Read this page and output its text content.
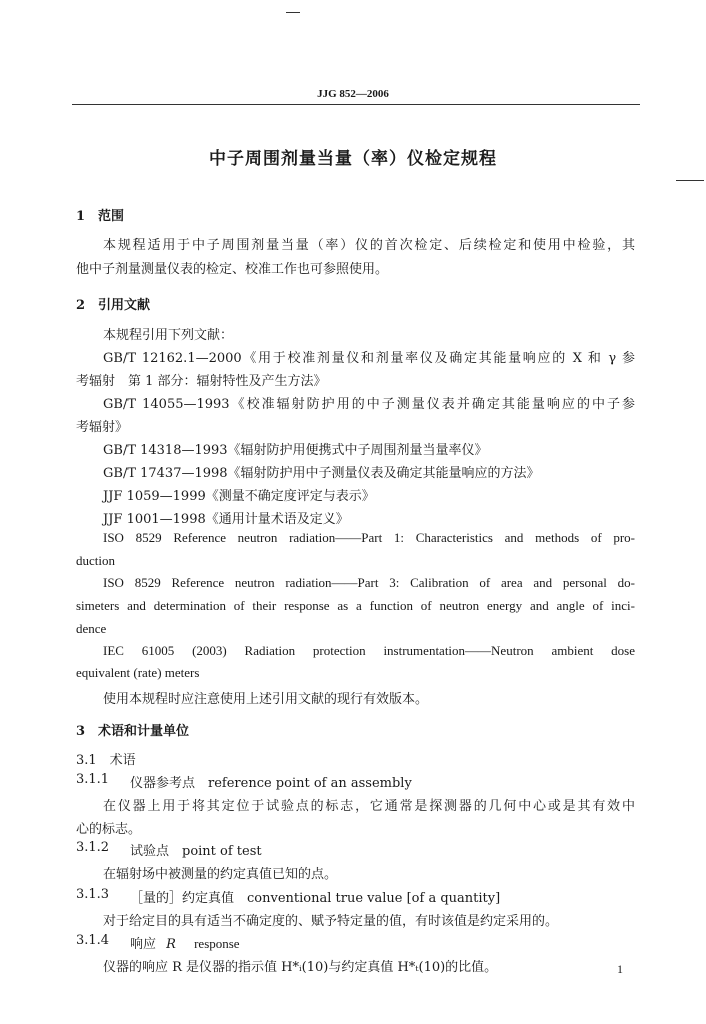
JJG 852—2006
中子周围剂量当量（率）仪检定规程
1　范围
本规程适用于中子周围剂量当量（率）仪的首次检定、后续检定和使用中检验，其
他中子剂量测量仪表的检定、校准工作也可参照使用。
2　引用文献
本规程引用下列文献：
GB/T 12162.1—2000《用于校准剂量仪和剂量率仪及确定其能量响应的 X 和 γ 参
考辐射　第 1 部分：辐射特性及产生方法》
GB/T 14055—1993《校准辐射防护用的中子测量仪表并确定其能量响应的中子参
考辐射》
GB/T 14318—1993《辐射防护用便携式中子周围剂量当量率仪》
GB/T 17437—1998《辐射防护用中子测量仪表及确定其能量响应的方法》
JJF 1059—1999《测量不确定度评定与表示》
JJF 1001—1998《通用计量术语及定义》
ISO 8529 Reference neutron radiation——Part 1: Characteristics and methods of pro-
duction
ISO 8529 Reference neutron radiation——Part 3: Calibration of area and personal do-
simeters and determination of their response as a function of neutron energy and angle of inci-
dence
IEC 61005 (2003) Radiation protection instrumentation——Neutron ambient dose
equivalent (rate) meters
使用本规程时应注意使用上述引用文献的现行有效版本。
3　术语和计量单位
3.1　术语
3.1.1 仪器参考点　reference point of an assembly
在仪器上用于将其定位于试验点的标志，它通常是探测器的几何中心或是其有效中
心的标志。
3.1.2 试验点　point of test
在辐射场中被测量的约定真值已知的点。
3.1.3 ［量的］约定真值　conventional true value [of a quantity]
对于给定目的具有适当不确定度的、赋予特定量的值，有时该值是约定采用的。
3.1.4 响应 R response
仪器的响应 R 是仪器的指示值 H*ᵢ(10)与约定真值 H*ₜ(10)的比值。	1
